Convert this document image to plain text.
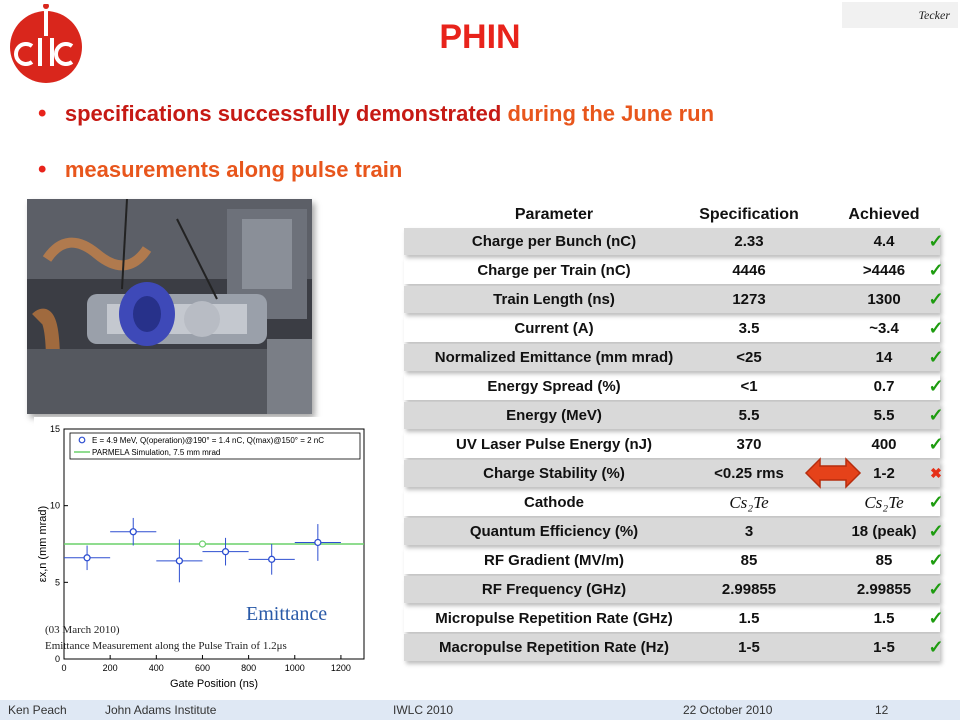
Tecker
PHIN
• specifications successfully demonstrated during the June run
• measurements along pulse train
Parameter	Specification	Achieved
Charge per Bunch (nC)	2.33	4.4	✓
Charge per Train (nC)	4446	>4446	✓
Train Length (ns)	1273	1300	✓
Current (A)	3.5	~3.4	✓
Normalized Emittance (mm mrad)	<25	14	✓
Energy Spread (%)	<1	0.7	✓
Energy (MeV)	5.5	5.5	✓
UV Laser Pulse Energy (nJ)	370	400	✓
Charge Stability (%)	<0.25 rms	1-2	✖
Cathode	Cs₂Te	Cs₂Te	✓
Quantum Efficiency (%)	3	18 (peak) ✓
RF Gradient (MV/m)	85	85	✓
RF Frequency (GHz)	2.99855	2.99855 ✓
Micropulse Repetition Rate (GHz)	1.5	1.5	✓
Macropulse Repetition Rate (Hz)	1-5	1-5	✓
0	200	400	600	800	1000	1200
0
5
10
15
Gate Position (ns)
εx,n (mm mrad)
E = 4.9 MeV, Q(operation)@190° = 1.4 nC, Q(max)@150° = 2 nC
PARMELA Simulation, 7.5 mm mrad
Emittance
(03 March 2010)
Emittance Measurement along the Pulse Train of 1.2μs
Ken Peach	John Adams Institute	IWLC 2010	22 October 2010	12
